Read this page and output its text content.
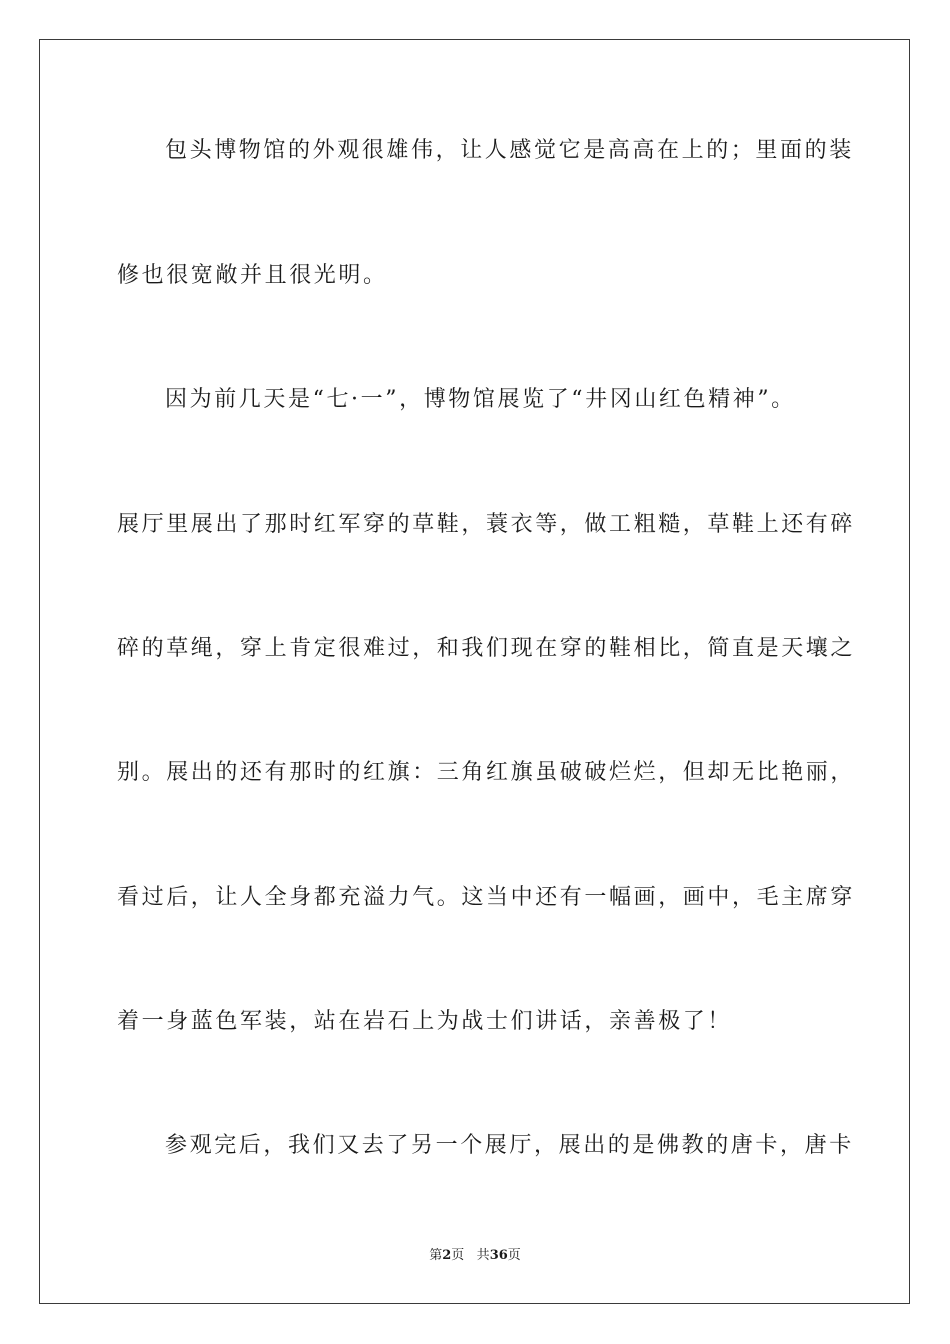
包头博物馆的外观很雄伟，让人感觉它是高高在上的；里面的装
修也很宽敞并且很光明。
因为前几天是“七·一”，博物馆展览了“井冈山红色精神”。
展厅里展出了那时红军穿的草鞋，蓑衣等，做工粗糙，草鞋上还有碎
碎的草绳，穿上肯定很难过，和我们现在穿的鞋相比，简直是天壤之
别。展出的还有那时的红旗：三角红旗虽破破烂烂，但却无比艳丽，
看过后，让人全身都充溢力气。这当中还有一幅画，画中，毛主席穿
着一身蓝色军装，站在岩石上为战士们讲话，亲善极了！
参观完后，我们又去了另一个展厅，展出的是佛教的唐卡，唐卡
第2页 共36页
